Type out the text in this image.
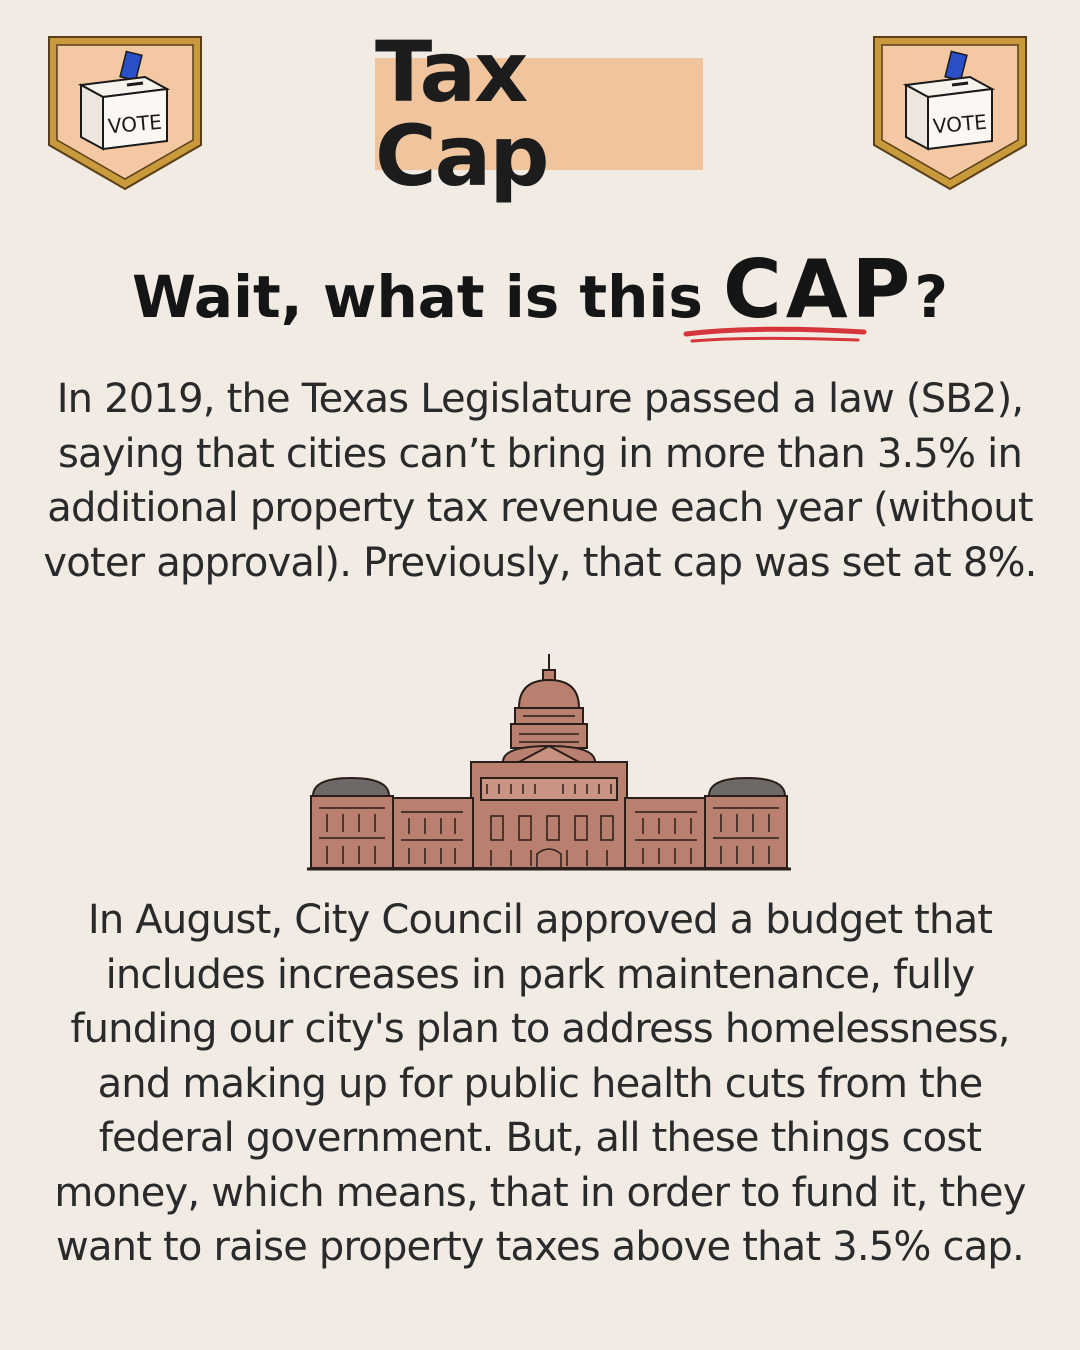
VOTE
Tax Cap	VOTE
Wait, what is this CAP?
In 2019, the Texas Legislature passed a law (SB2), saying that cities can’t bring in more than 3.5% in additional property tax revenue each year (without voter approval). Previously, that cap was set at 8%.
In August, City Council approved a budget that includes increases in park maintenance, fully funding our city's plan to address homelessness, and making up for public health cuts from the federal government. But, all these things cost money, which means, that in order to fund it, they want to raise property taxes above that 3.5% cap.
